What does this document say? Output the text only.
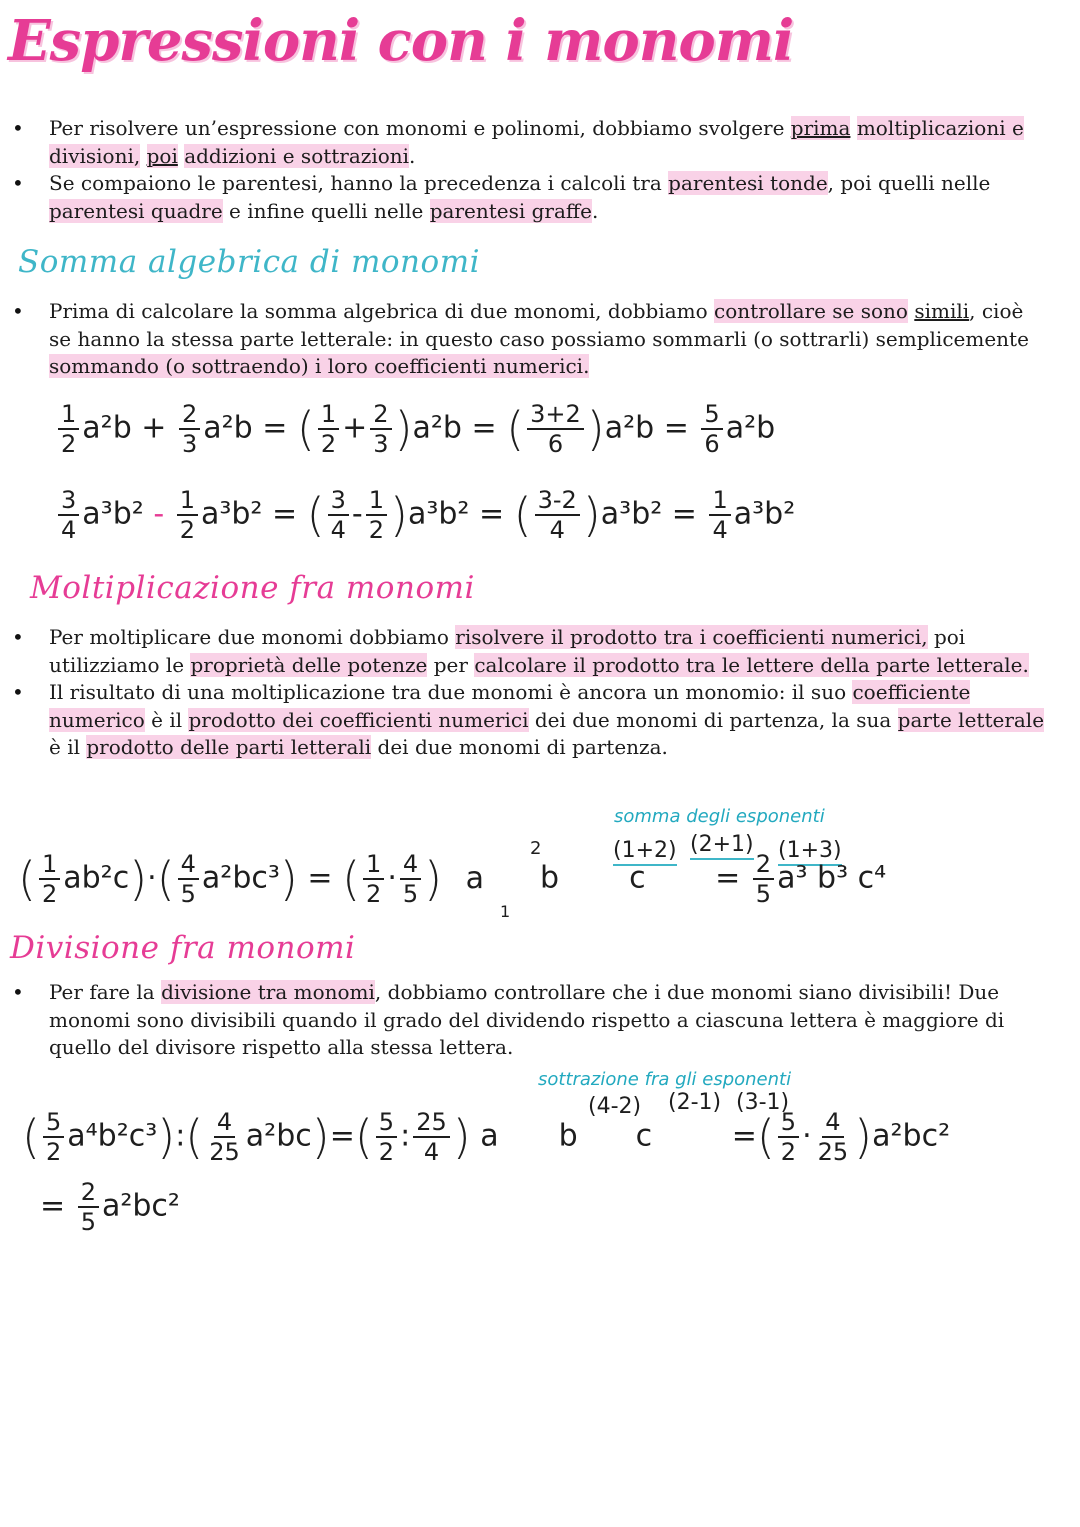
Espressioni con i monomi
• Per risolvere un’espressione con monomi e polinomi, dobbiamo svolgere prima moltiplicazioni e divisioni, poi addizioni e sottrazioni.
• Se compaiono le parentesi, hanno la precedenza i calcoli tra parentesi tonde, poi quelli nelle parentesi quadre e infine quelli nelle parentesi graffe.
Somma algebrica di monomi
• Prima di calcolare la somma algebrica di due monomi, dobbiamo controllare se sono simili, cioè se hanno la stessa parte letterale: in questo caso possiamo sommarli (o sottrarli) semplicemente sommando (o sottraendo) i loro coefficienti numerici.
$\frac{1}{2} a^2b + \frac{2}{3} a^2b$ = ( $\frac{1}{2} + \frac{2}{3} )a^2b$ = ( $\frac{3+2}{6} )a^2b = \frac{5}{6} a^2b$
$\frac{3}{4} a^3b^2 - \frac{1}{2} a^3b^2$ = ( $\frac{3}{4} - \frac{1}{2} )a^3b^2$ = ( $\frac{3-2}{4} )a^3b^2 = \frac{1}{4} a^3b^2$
Moltiplicazione fra monomi
• Per moltiplicare due monomi dobbiamo risolvere il prodotto tra i coefficienti numerici, poi utilizziamo le proprietà delle potenze per calcolare il prodotto tra le lettere della parte letterale.
• Il risultato di una moltiplicazione tra due monomi è ancora un monomio: il suo coefficiente numerico è il prodotto dei coefficienti numerici dei due monomi di partenza, la sua parte letterale è il prodotto delle parti letterali dei due monomi di partenza.
somma degli esponenti
(1+2) (2+1) (1+3)
( $\frac{1}{2} ab^2c)\cdot( \frac{4}{5} a^2bc^3)$ = ( $\frac{1}{2} \cdot \frac{4}{5}$ ) a b $c = \frac{2}{5} a^3$ b³ c⁴
2
1
Divisione fra monomi
• Per fare la divisione tra monomi, dobbiamo controllare che i due monomi siano divisibili! Due monomi sono divisibili quando il grado del dividendo rispetto a ciascuna lettera è maggiore di quello del divisore rispetto alla stessa lettera.
sottrazione fra gli esponenti
(4-2) (2-1) (3-1)
( $\frac{5}{2}$ a⁴b²c³):( $\frac{4}{25} a^2bc)=( \frac{5}{2}$ : $\frac{25}{4}$ ) a b c =( $\frac{5}{2} \cdot \frac{4}{25} )a^2bc^2$
= $\frac{2}{5} a^2bc^2$
